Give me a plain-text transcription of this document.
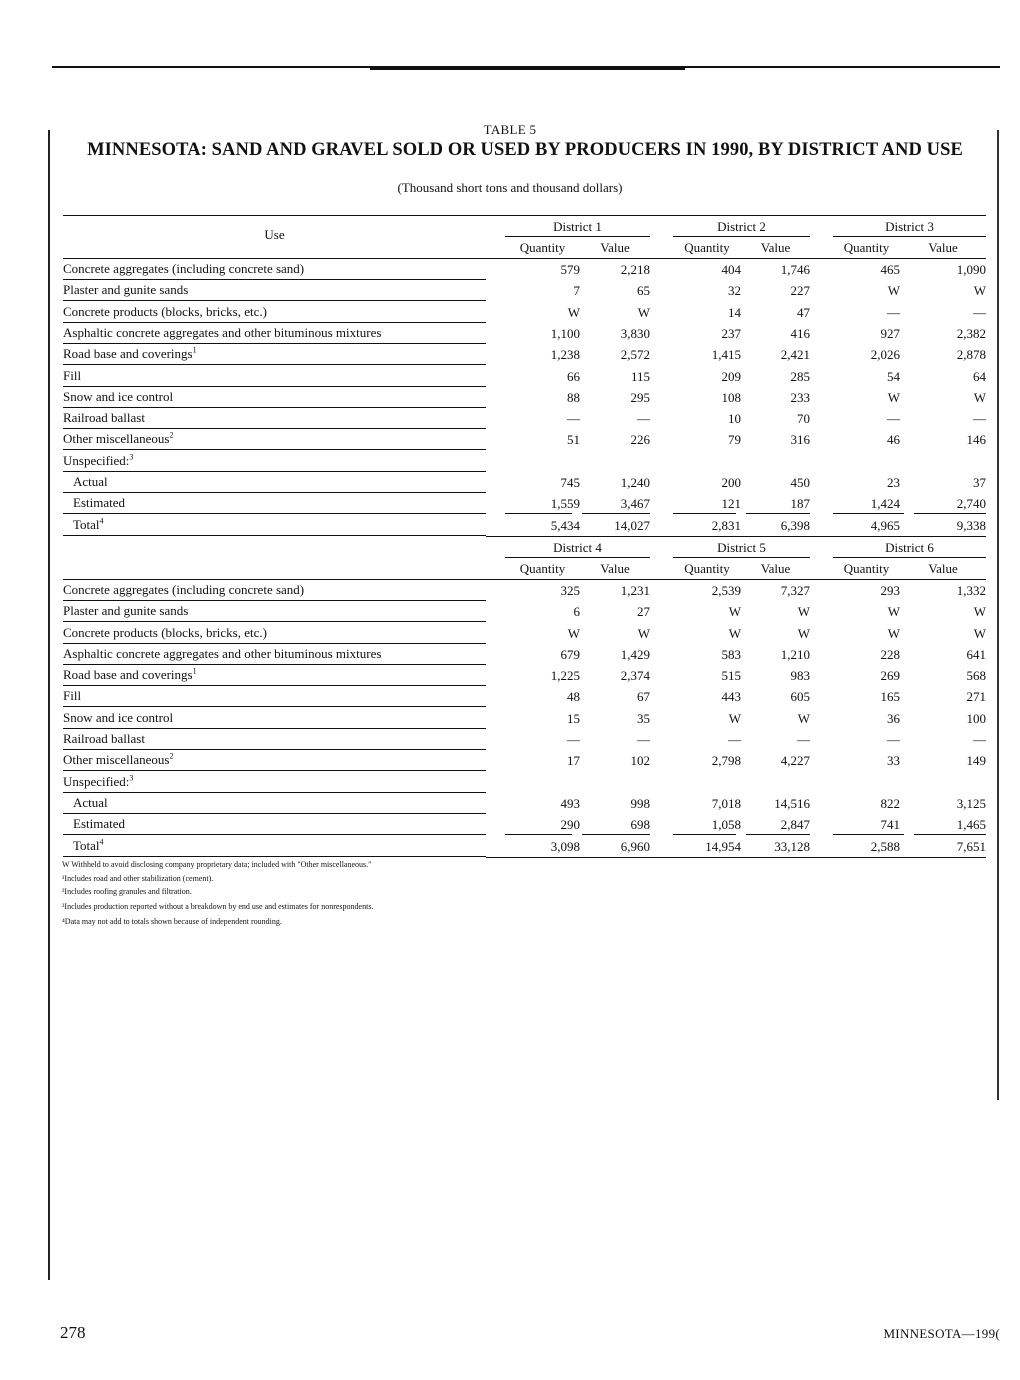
TABLE 5
MINNESOTA: SAND AND GRAVEL SOLD OR USED BY PRODUCERS IN 1990, BY DISTRICT AND USE
(Thousand short tons and thousand dollars)
District 1	District 2	District 3
Use
Quantity	Value	Quantity	Value	Quantity	Value
Concrete aggregates (including concrete sand)	579	2,218	404	1,746	465	1,090
Plaster and gunite sands	7	65	32	227	W	W
Concrete products (blocks, bricks, etc.)	W	W	14	47	—	—
Asphaltic concrete aggregates and other bituminous mixtures	1,100	3,830	237	416	927	2,382
Road base and coverings$^1$	1,238	2,572	1,415	2,421	2,026	2,878
Fill	66	115	209	285	54	64
Snow and ice control	88	295	108	233	W	W
Railroad ballast	—	—	10	70	—	—
Other miscellaneous$^2$	51	226	79	316	46	146
Unspecified:$^3$
Actual	745	1,240	200	450	23	37
Estimated	1,559	3,467	121	187	1,424	2,740
Total$^4$	5,434	14,027	2,831	6,398	4,965	9,338
District 4	District 5	District 6
Quantity	Value	Quantity	Value	Quantity	Value
Concrete aggregates (including concrete sand)	325	1,231	2,539	7,327	293	1,332
Plaster and gunite sands	6	27	W	W	W	W
Concrete products (blocks, bricks, etc.)	W	W	W	W	W	W
Asphaltic concrete aggregates and other bituminous mixtures	679	1,429	583	1,210	228	641
Road base and coverings$^1$	1,225	2,374	515	983	269	568
Fill	48	67	443	605	165	271
Snow and ice control	15	35	W	W	36	100
Railroad ballast	—	—	—	—	—	—
Other miscellaneous$^2$	17	102	2,798	4,227	33	149
Unspecified:$^3$
Actual	493	998	7,018	14,516	822	3,125
Estimated	290	698	1,058	2,847	741	1,465
Total$^4$	3,098	6,960	14,954	33,128	2,588	7,651
W Withheld to avoid disclosing company proprietary data; included with "Other miscellaneous."
¹Includes road and other stabilization (cement).
²Includes roofing granules and filtration.
³Includes production reported without a breakdown by end use and estimates for nonrespondents.
⁴Data may not add to totals shown because of independent rounding.
278	MINNESOTA—199(
